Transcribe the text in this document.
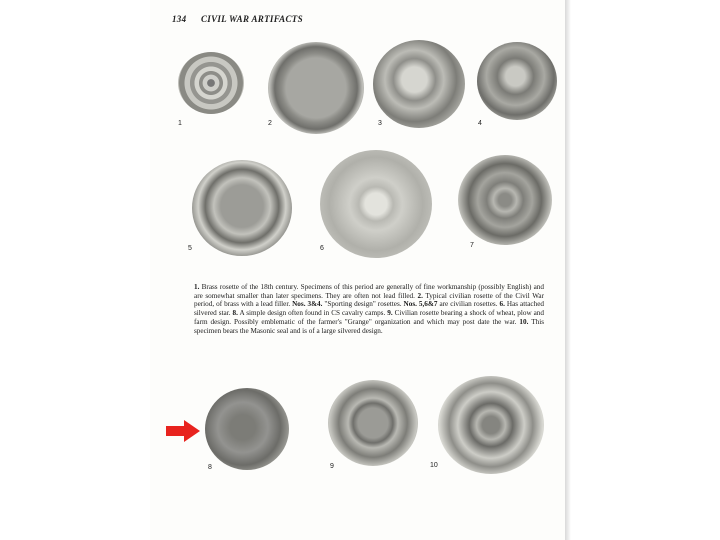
134 CIVIL WAR ARTIFACTS
1	2	3	4
5	6	7
1. Brass rosette of the 18th century. Specimens of this period are generally of fine workmanship (possibly English) and are somewhat smaller than later specimens. They are often not lead filled. 2. Typical civilian rosette of the Civil War period, of brass with a lead filler. Nos. 3&4. "Sporting design" rosettes. Nos. 5,6&7 are civilian rosettes. 6. Has attached silvered star. 8. A simple design often found in CS cavalry camps. 9. Civilian rosette bearing a shock of wheat, plow and farm design. Possibly emblematic of the farmer's "Grange" organization and which may post date the war. 10. This specimen bears the Masonic seal and is of a large silvered design.
8	9	10
